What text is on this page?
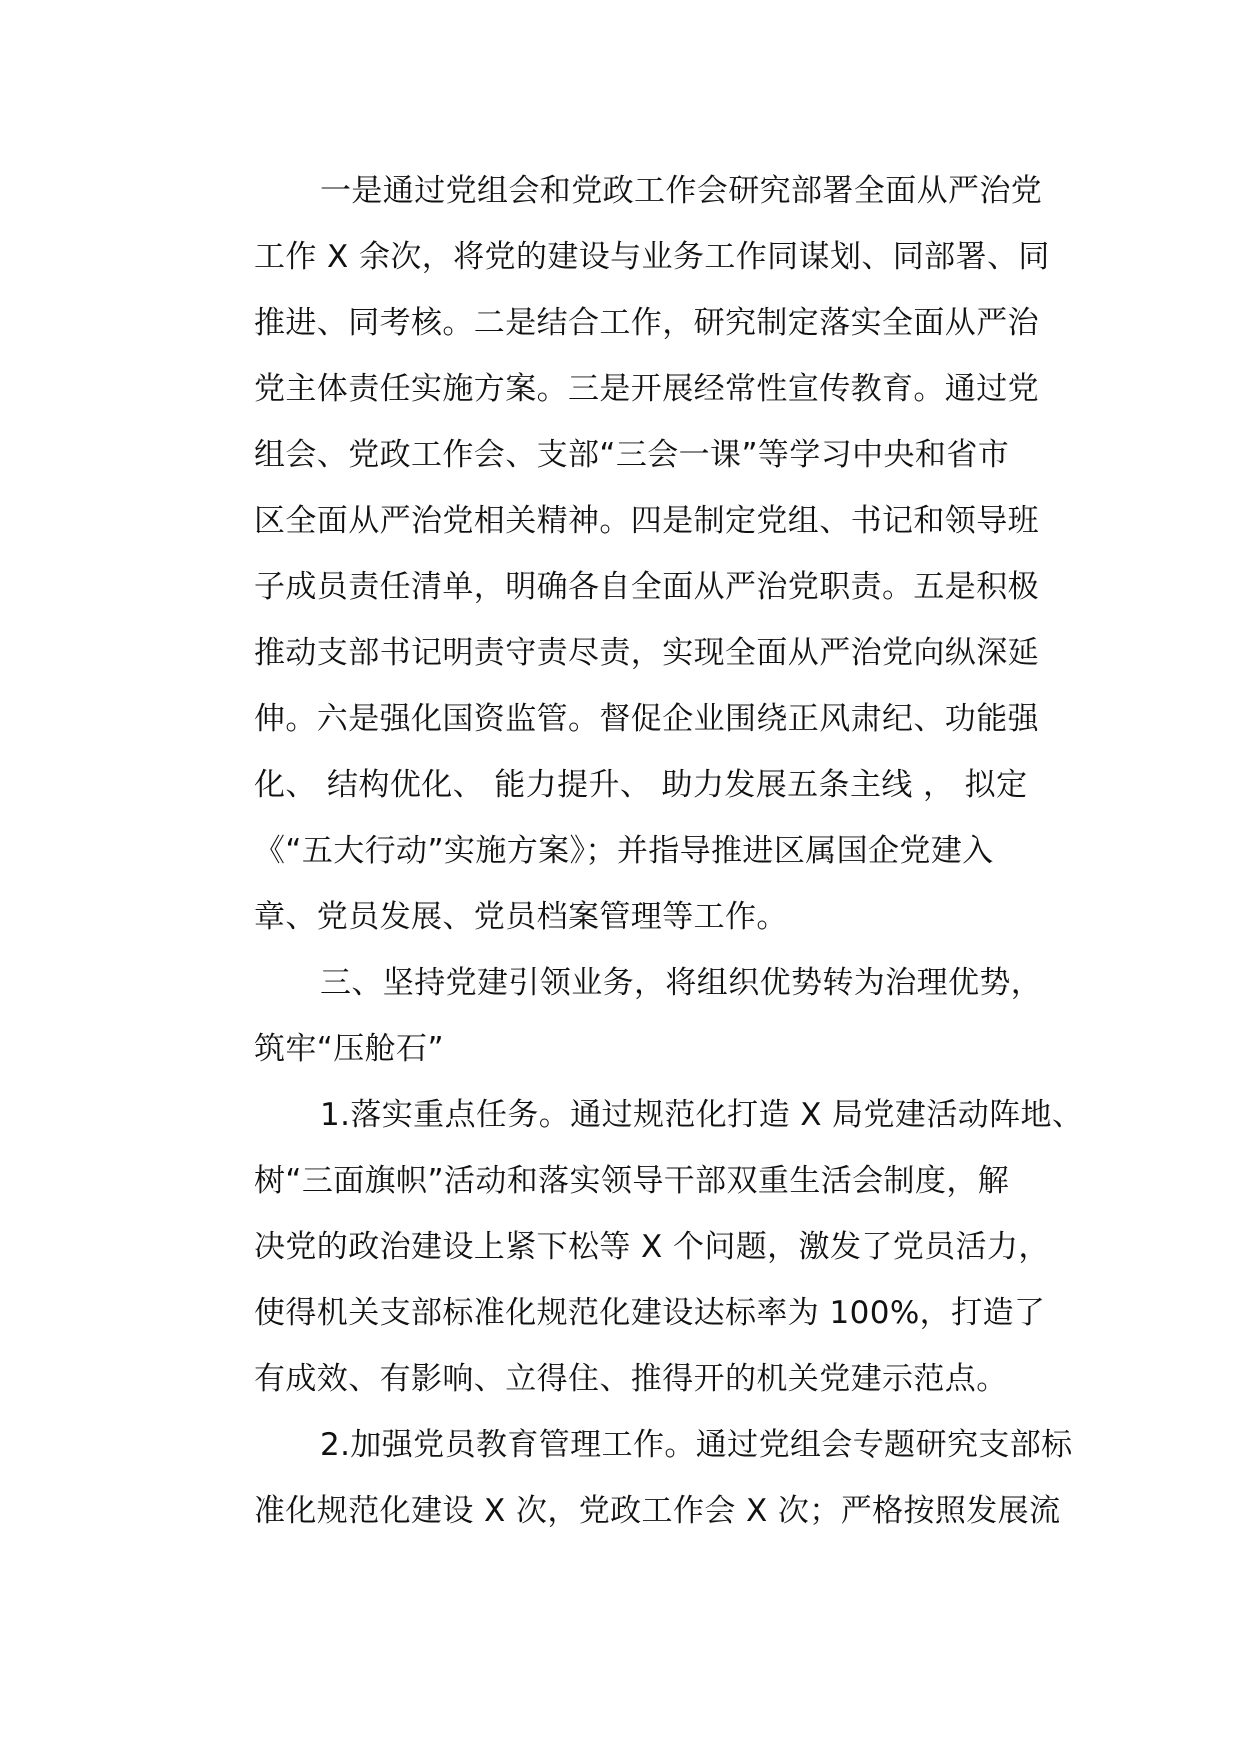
一是通过党组会和党政工作会研究部署全面从严治党
工作 X 余次，将党的建设与业务工作同谋划、同部署、同
推进、同考核。二是结合工作，研究制定落实全面从严治
党主体责任实施方案。三是开展经常性宣传教育。通过党
组会、党政工作会、支部“三会一课”等学习中央和省市
区全面从严治党相关精神。四是制定党组、书记和领导班
子成员责任清单，明确各自全面从严治党职责。五是积极
推动支部书记明责守责尽责，实现全面从严治党向纵深延
伸。六是强化国资监管。督促企业围绕正风肃纪、功能强
化、 结构优化、 能力提升、 助力发展五条主线 ， 拟定
《“五大行动”实施方案》；并指导推进区属国企党建入
章、党员发展、党员档案管理等工作。
三、坚持党建引领业务，将组织优势转为治理优势，
筑牢“压舱石”
1.落实重点任务。通过规范化打造 X 局党建活动阵地、
树“三面旗帜”活动和落实领导干部双重生活会制度，解
决党的政治建设上紧下松等 X 个问题，激发了党员活力，
使得机关支部标准化规范化建设达标率为 100%，打造了
有成效、有影响、立得住、推得开的机关党建示范点。
2.加强党员教育管理工作。通过党组会专题研究支部标
准化规范化建设 X 次，党政工作会 X 次；严格按照发展流
